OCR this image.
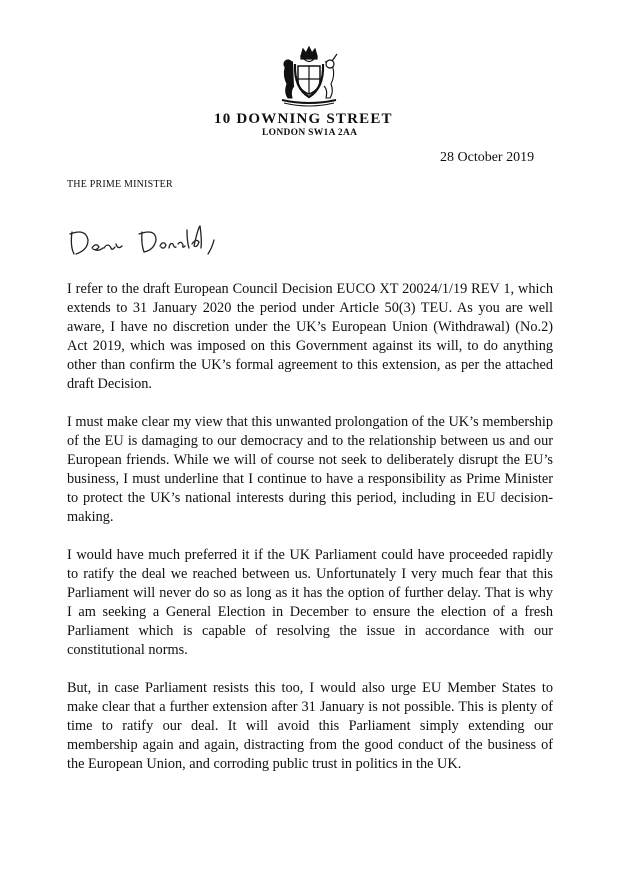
10 DOWNING STREET
LONDON SW1A 2AA
28 October 2019
THE PRIME MINISTER

I refer to the draft European Council Decision EUCO XT 20024/1/19 REV 1, which extends to 31 January 2020 the period under Article 50(3) TEU. As you are well aware, I have no discretion under the UK’s European Union (Withdrawal) (No.2) Act 2019, which was imposed on this Government against its will, to do anything other than confirm the UK’s formal agreement to this extension, as per the attached draft Decision.

I must make clear my view that this unwanted prolongation of the UK’s membership of the EU is damaging to our democracy and to the relationship between us and our European friends. While we will of course not seek to deliberately disrupt the EU’s business, I must underline that I continue to have a responsibility as Prime Minister to protect the UK’s national interests during this period, including in EU decision-making.

I would have much preferred it if the UK Parliament could have proceeded rapidly to ratify the deal we reached between us. Unfortunately I very much fear that this Parliament will never do so as long as it has the option of further delay. That is why I am seeking a General Election in December to ensure the election of a fresh Parliament which is capable of resolving the issue in accordance with our constitutional norms.

But, in case Parliament resists this too, I would also urge EU Member States to make clear that a further extension after 31 January is not possible. This is plenty of time to ratify our deal. It will avoid this Parliament simply extending our membership again and again, distracting from the good conduct of the business of the European Union, and corroding public trust in politics in the UK.
